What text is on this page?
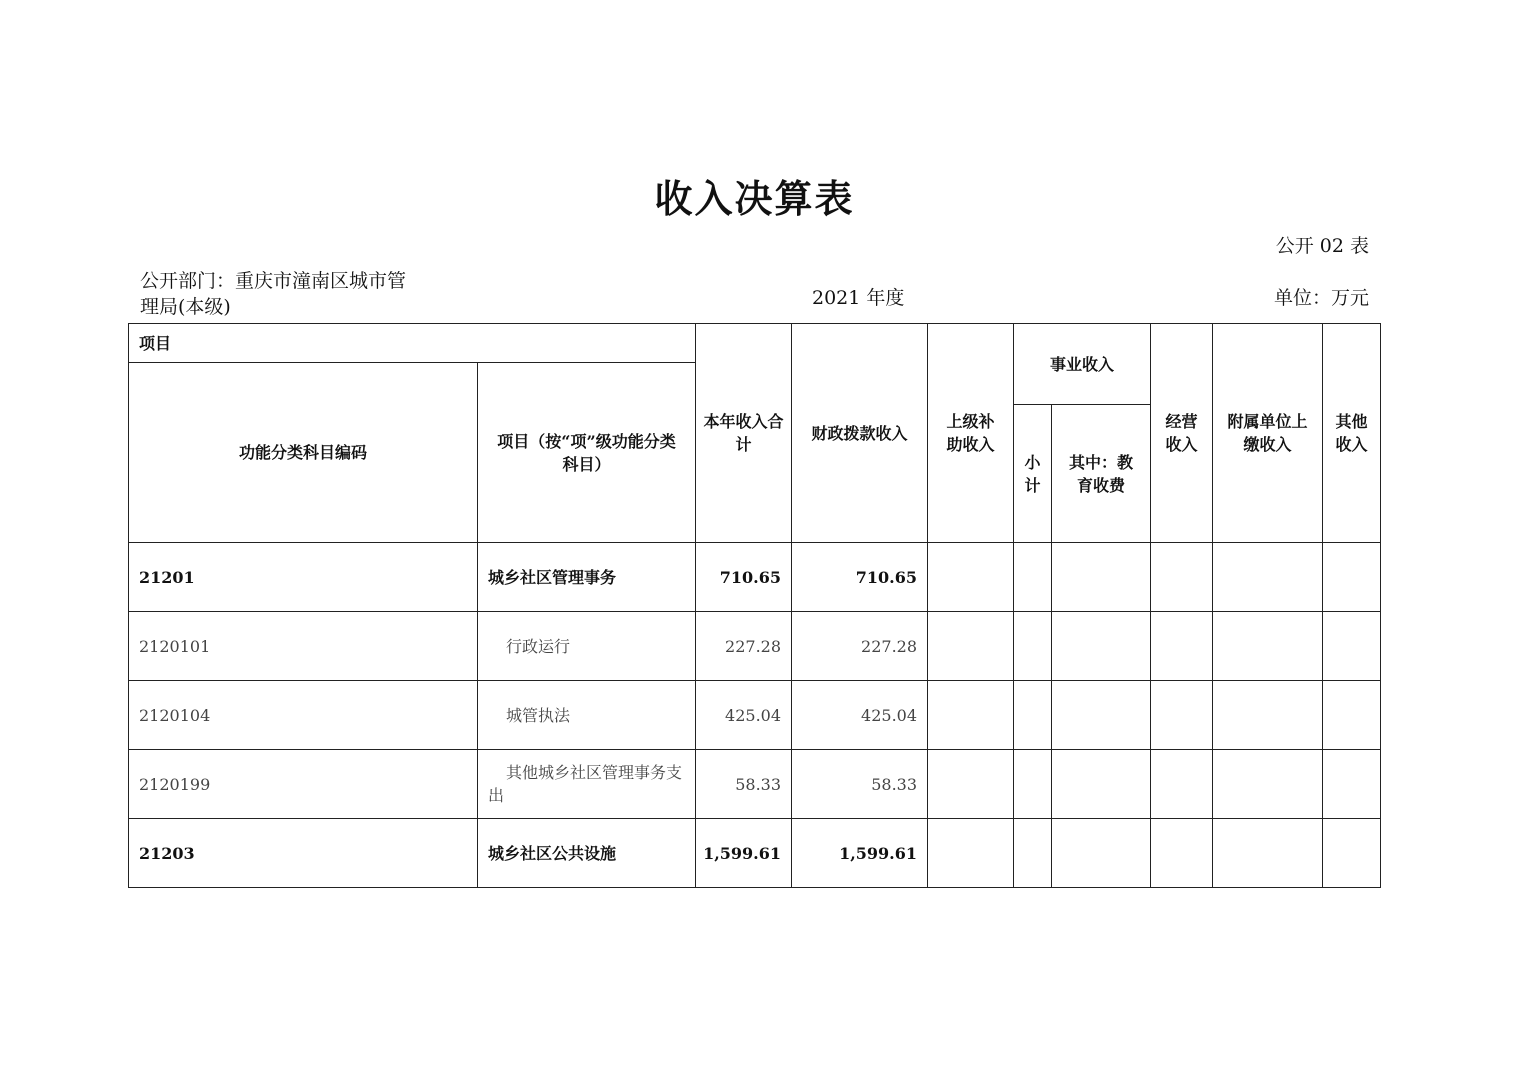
收入决算表
公开 02 表
公开部门：重庆市潼南区城市管理局(本级)	2021 年度	单位：万元
项目		本年收入合计	财政拨款收入	上级补助收入	事业收入		经营收入	附属单位上缴收入	其他收入
功能分类科目编码	项目（按“项”级功能分类科目）								
					小计	其中：教育收费			
21201	城乡社区管理事务	710.65	710.65						
2120101	行政运行	227.28	227.28						
2120104	城管执法	425.04	425.04						
2120199	其他城乡社区管理事务支出	58.33	58.33						
21203	城乡社区公共设施	1,599.61	1,599.61						
